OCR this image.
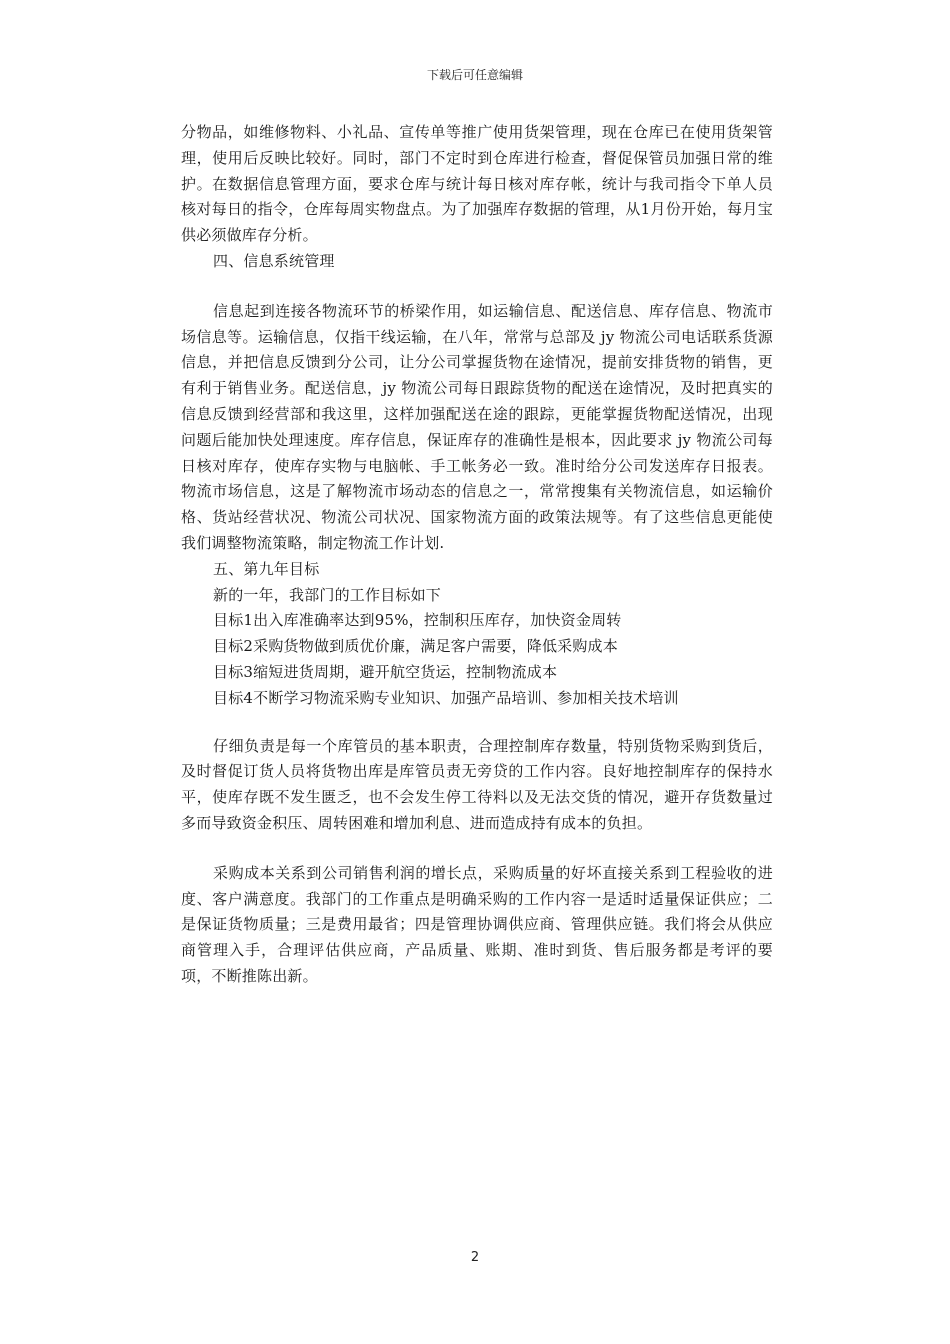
下载后可任意编辑

分物品，如维修物料、小礼品、宣传单等推广使用货架管理，现在仓库已在使用货架管理，使用后反映比较好。同时，部门不定时到仓库进行检查，督促保管员加强日常的维护。在数据信息管理方面，要求仓库与统计每日核对库存帐，统计与我司指令下单人员核对每日的指令，仓库每周实物盘点。为了加强库存数据的管理，从1月份开始，每月宝供必须做库存分析。

四、信息系统管理

信息起到连接各物流环节的桥梁作用，如运输信息、配送信息、库存信息、物流市场信息等。运输信息，仅指干线运输，在八年，常常与总部及 jy 物流公司电话联系货源信息，并把信息反馈到分公司，让分公司掌握货物在途情况，提前安排货物的销售，更有利于销售业务。配送信息，jy 物流公司每日跟踪货物的配送在途情况，及时把真实的信息反馈到经营部和我这里，这样加强配送在途的跟踪，更能掌握货物配送情况，出现问题后能加快处理速度。库存信息，保证库存的准确性是根本，因此要求 jy 物流公司每日核对库存，使库存实物与电脑帐、手工帐务必一致。准时给分公司发送库存日报表。物流市场信息，这是了解物流市场动态的信息之一，常常搜集有关物流信息，如运输价格、货站经营状况、物流公司状况、国家物流方面的政策法规等。有了这些信息更能使我们调整物流策略，制定物流工作计划.

五、第九年目标

新的一年，我部门的工作目标如下

目标1出入库准确率达到95%，控制积压库存，加快资金周转

目标2采购货物做到质优价廉，满足客户需要，降低采购成本

目标3缩短进货周期，避开航空货运，控制物流成本

目标4不断学习物流采购专业知识、加强产品培训、参加相关技术培训

仔细负责是每一个库管员的基本职责，合理控制库存数量，特别货物采购到货后，及时督促订货人员将货物出库是库管员责无旁贷的工作内容。良好地控制库存的保持水平，使库存既不发生匮乏，也不会发生停工待料以及无法交货的情况，避开存货数量过多而导致资金积压、周转困难和增加利息、进而造成持有成本的负担。

采购成本关系到公司销售利润的增长点，采购质量的好坏直接关系到工程验收的进度、客户满意度。我部门的工作重点是明确采购的工作内容一是适时适量保证供应；二是保证货物质量；三是费用最省；四是管理协调供应商、管理供应链。我们将会从供应商管理入手，合理评估供应商，产品质量、账期、准时到货、售后服务都是考评的要项，不断推陈出新。

2
